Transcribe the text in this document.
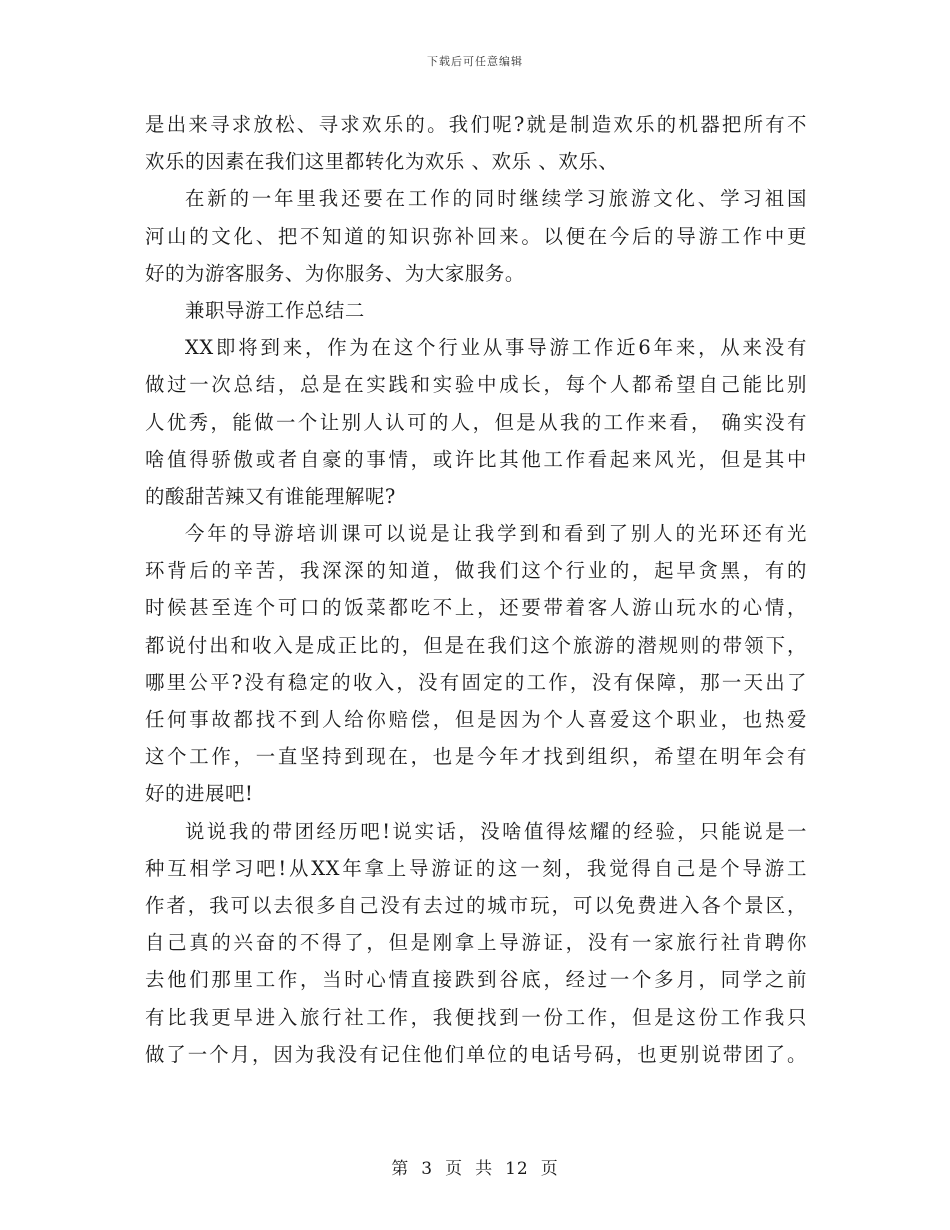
下载后可任意编辑
是出来寻求放松、寻求欢乐的。我们呢?就是制造欢乐的机器把所有不
欢乐的因素在我们这里都转化为欢乐 、欢乐 、欢乐、
在新的一年里我还要在工作的同时继续学习旅游文化、学习祖国
河山的文化、把不知道的知识弥补回来。以便在今后的导游工作中更
好的为游客服务、为你服务、为大家服务。
兼职导游工作总结二
XX即将到来，作为在这个行业从事导游工作近6年来，从来没有
做过一次总结，总是在实践和实验中成长，每个人都希望自己能比别
人优秀，能做一个让别人认可的人，但是从我的工作来看， 确实没有
啥值得骄傲或者自豪的事情，或许比其他工作看起来风光，但是其中
的酸甜苦辣又有谁能理解呢?
今年的导游培训课可以说是让我学到和看到了别人的光环还有光
环背后的辛苦，我深深的知道，做我们这个行业的，起早贪黑，有的
时候甚至连个可口的饭菜都吃不上，还要带着客人游山玩水的心情，
都说付出和收入是成正比的，但是在我们这个旅游的潜规则的带领下，
哪里公平?没有稳定的收入，没有固定的工作，没有保障，那一天出了
任何事故都找不到人给你赔偿，但是因为个人喜爱这个职业，也热爱
这个工作，一直坚持到现在，也是今年才找到组织，希望在明年会有
好的进展吧!
说说我的带团经历吧!说实话，没啥值得炫耀的经验，只能说是一
种互相学习吧!从XX年拿上导游证的这一刻，我觉得自己是个导游工
作者，我可以去很多自己没有去过的城市玩，可以免费进入各个景区，
自己真的兴奋的不得了，但是刚拿上导游证，没有一家旅行社肯聘你
去他们那里工作，当时心情直接跌到谷底，经过一个多月，同学之前
有比我更早进入旅行社工作，我便找到一份工作，但是这份工作我只
做了一个月，因为我没有记住他们单位的电话号码，也更别说带团了。
第 3 页 共 12 页
